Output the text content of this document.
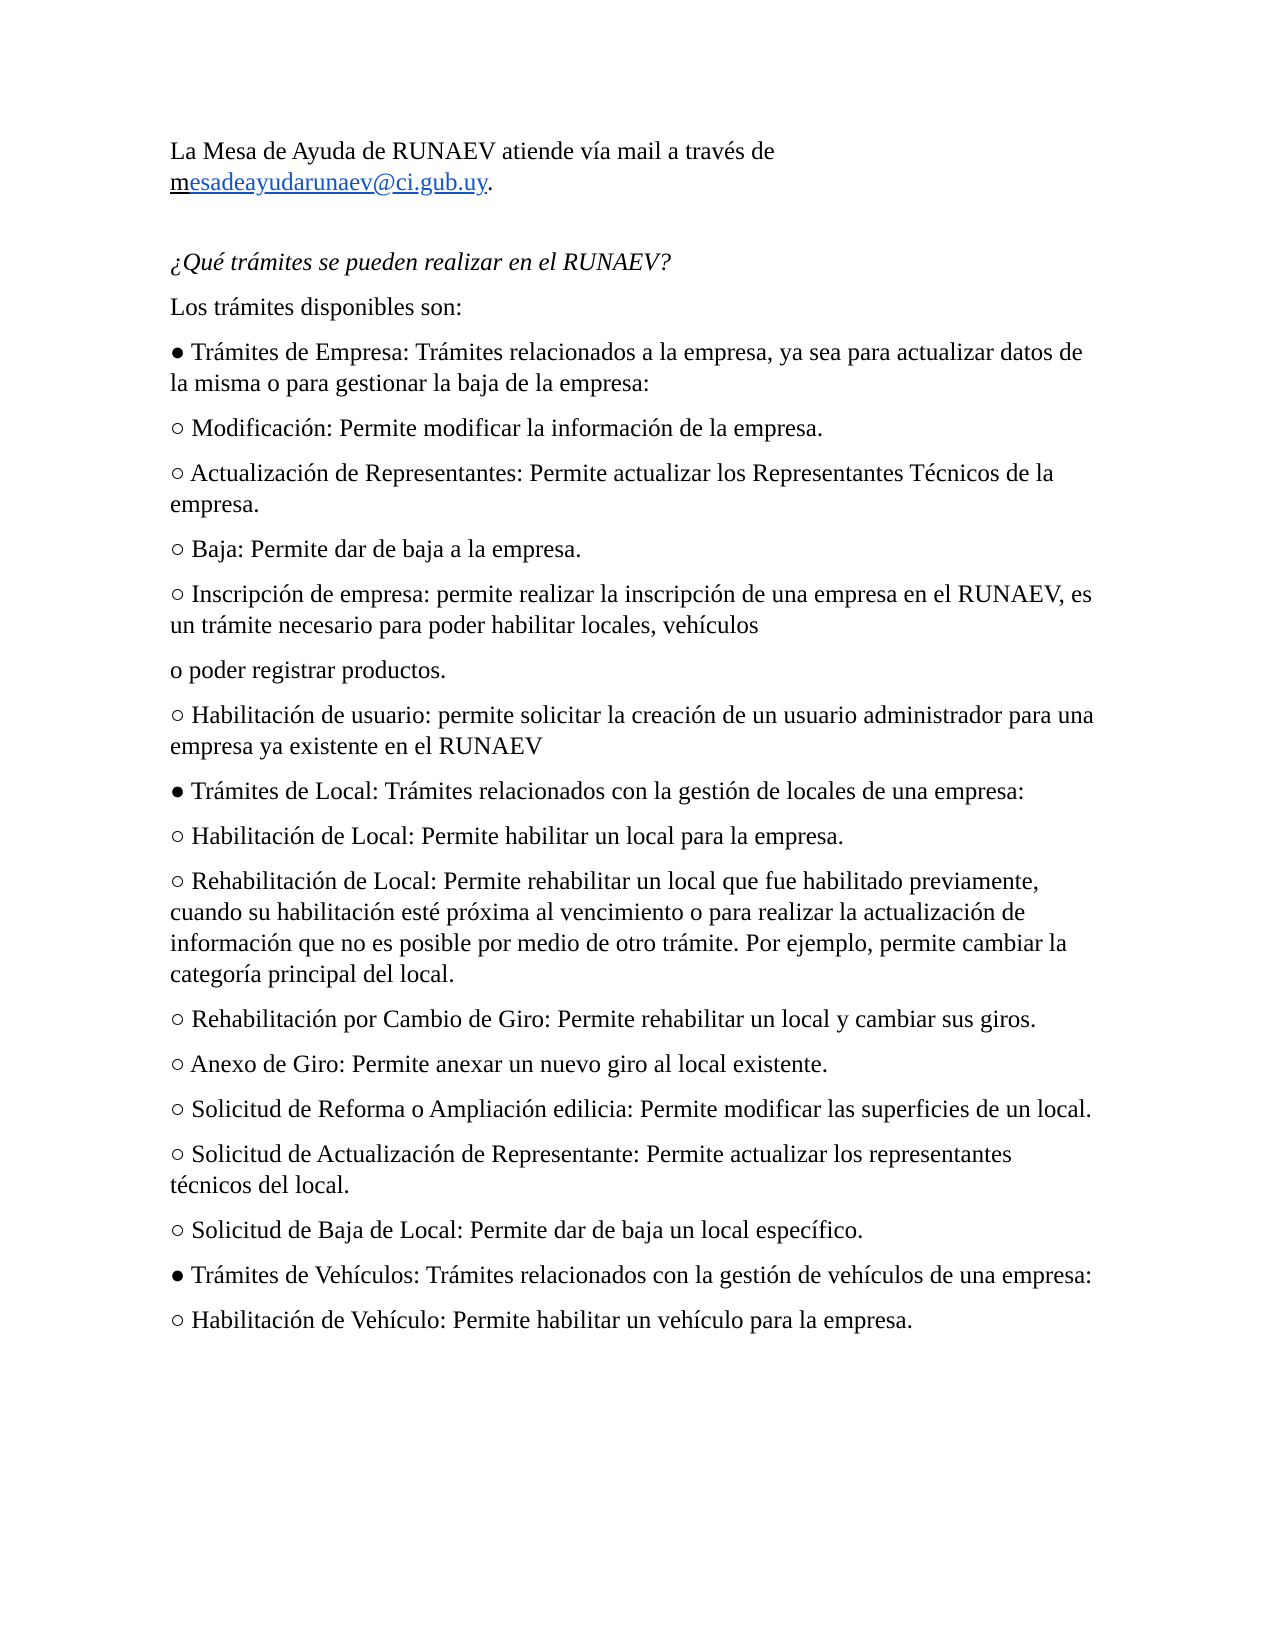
La Mesa de Ayuda de RUNAEV atiende vía mail a través de
mesadeayudarunaev@ci.gub.uy.

¿Qué trámites se pueden realizar en el RUNAEV?

Los trámites disponibles son:

● Trámites de Empresa: Trámites relacionados a la empresa, ya sea para actualizar datos de la misma o para gestionar la baja de la empresa:

○ Modificación: Permite modificar la información de la empresa.

○ Actualización de Representantes: Permite actualizar los Representantes Técnicos de la empresa.

○ Baja: Permite dar de baja a la empresa.

○ Inscripción de empresa: permite realizar la inscripción de una empresa en el RUNAEV, es un trámite necesario para poder habilitar locales, vehículos

o poder registrar productos.

○ Habilitación de usuario: permite solicitar la creación de un usuario administrador para una empresa ya existente en el RUNAEV

● Trámites de Local: Trámites relacionados con la gestión de locales de una empresa:

○ Habilitación de Local: Permite habilitar un local para la empresa.

○ Rehabilitación de Local: Permite rehabilitar un local que fue habilitado previamente, cuando su habilitación esté próxima al vencimiento o para realizar la actualización de información que no es posible por medio de otro trámite. Por ejemplo, permite cambiar la categoría principal del local.

○ Rehabilitación por Cambio de Giro: Permite rehabilitar un local y cambiar sus giros.

○ Anexo de Giro: Permite anexar un nuevo giro al local existente.

○ Solicitud de Reforma o Ampliación edilicia: Permite modificar las superficies de un local.

○ Solicitud de Actualización de Representante: Permite actualizar los representantes técnicos del local.

○ Solicitud de Baja de Local: Permite dar de baja un local específico.

● Trámites de Vehículos: Trámites relacionados con la gestión de vehículos de una empresa:

○ Habilitación de Vehículo: Permite habilitar un vehículo para la empresa.
